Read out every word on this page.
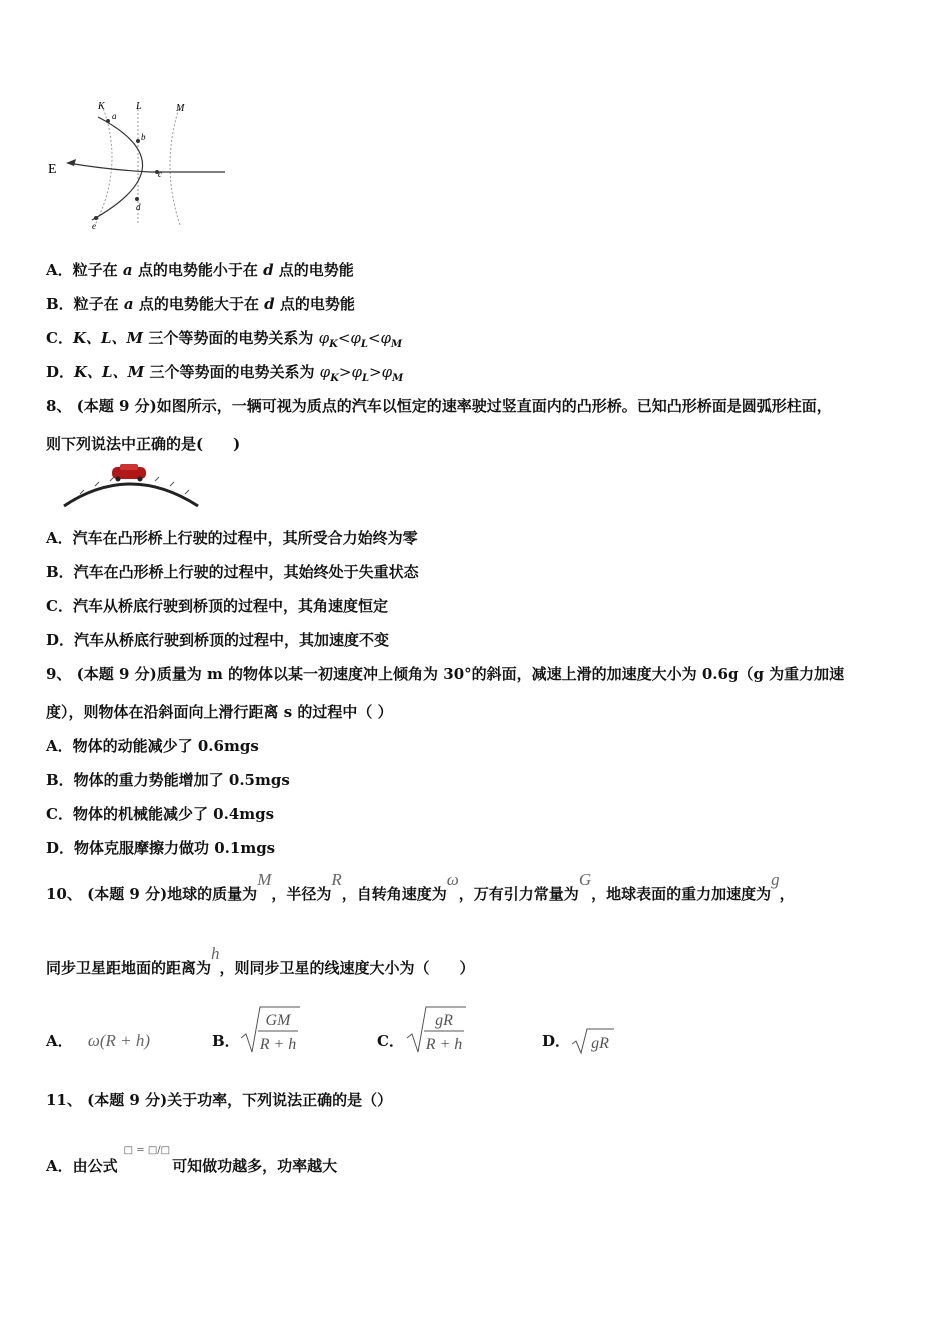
K	L	M
E
a
b
c
d
e
A．粒子在 a 点的电势能小于在 d 点的电势能
B．粒子在 a 点的电势能大于在 d 点的电势能
C．K、L、M 三个等势面的电势关系为 $\varphi_K<\varphi_L<\varphi_M$
D．K、L、M 三个等势面的电势关系为 $\varphi_K>\varphi_L>\varphi_M$
8、 (本题 9 分)如图所示，一辆可视为质点的汽车以恒定的速率驶过竖直面内的凸形桥。已知凸形桥面是圆弧形柱面，
则下列说法中正确的是(　　)
A．汽车在凸形桥上行驶的过程中，其所受合力始终为零
B．汽车在凸形桥上行驶的过程中，其始终处于失重状态
C．汽车从桥底行驶到桥顶的过程中，其角速度恒定
D．汽车从桥底行驶到桥顶的过程中，其加速度不变
9、 (本题 9 分)质量为 m 的物体以某一初速度冲上倾角为 30°的斜面，减速上滑的加速度大小为 0.6g（g 为重力加速
度），则物体在沿斜面向上滑行距离 s 的过程中（ ）
A．物体的动能减少了 0.6mgs
B．物体的重力势能增加了 0.5mgs
C．物体的机械能减少了 0.4mgs
D．物体克服摩擦力做功 0.1mgs
10、 (本题 9 分)地球的质量为M，半径为R，自转角速度为ω，万有引力常量为G，地球表面的重力加速度为g，
同步卫星距地面的距离为h，则同步卫星的线速度大小为（　　）
A． ω(R + h)	B．
GM
R + h	C．
gR
R + h	D． gR
11、 (本题 9 分)关于功率，下列说法正确的是（）
A．由公式□ = □/□可知做功越多，功率越大
